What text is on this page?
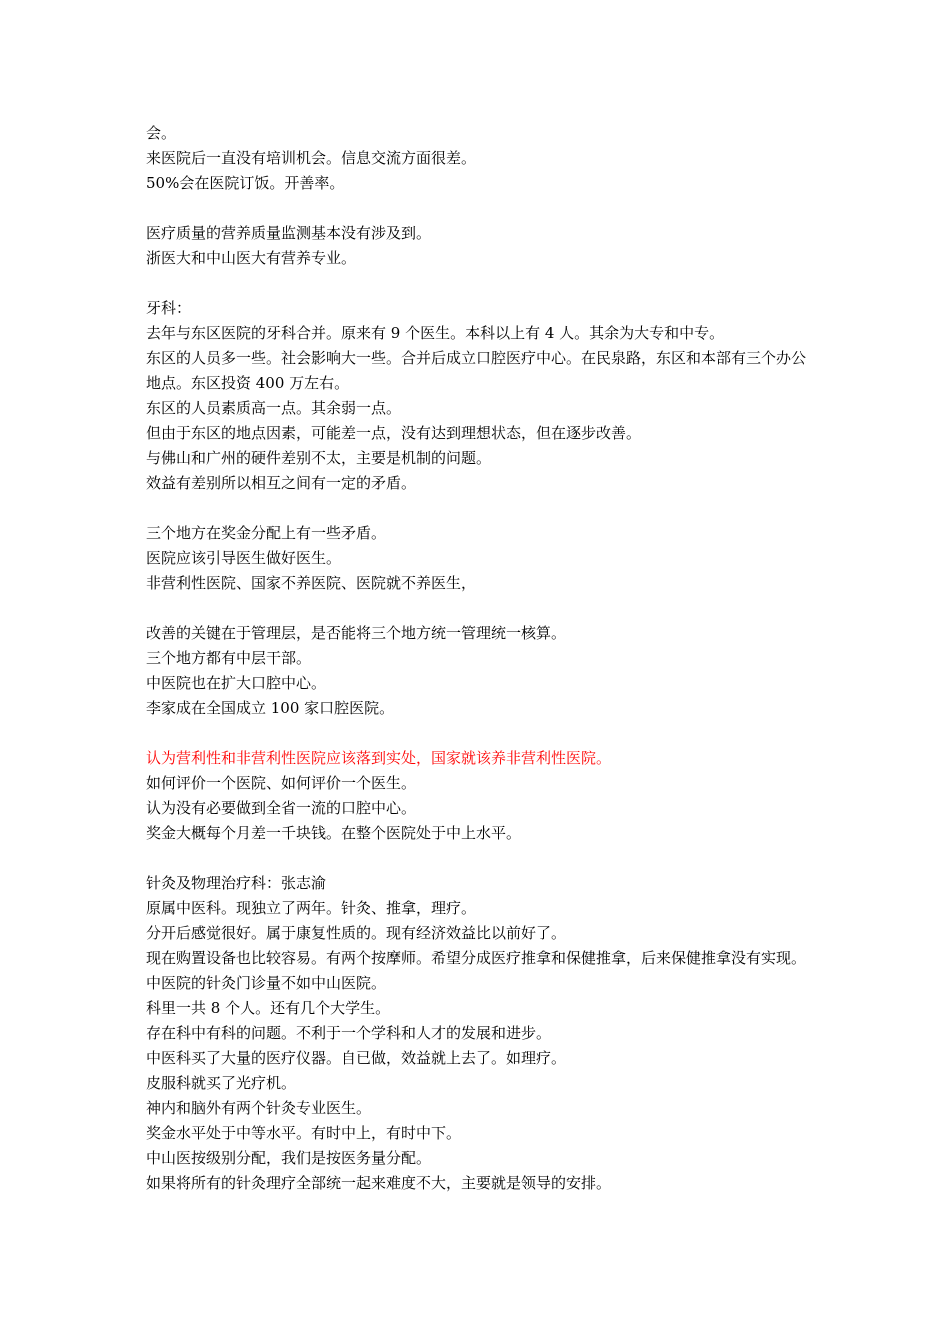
会。
来医院后一直没有培训机会。信息交流方面很差。
50%会在医院订饭。开善率。
医疗质量的营养质量监测基本没有涉及到。
浙医大和中山医大有营养专业。
牙科：
去年与东区医院的牙科合并。原来有 9 个医生。本科以上有 4 人。其余为大专和中专。
东区的人员多一些。社会影响大一些。合并后成立口腔医疗中心。在民泉路，东区和本部有三个办公地点。东区投资 400 万左右。
东区的人员素质高一点。其余弱一点。
但由于东区的地点因素，可能差一点，没有达到理想状态，但在逐步改善。
与佛山和广州的硬件差别不太，主要是机制的问题。
效益有差别所以相互之间有一定的矛盾。
三个地方在奖金分配上有一些矛盾。
医院应该引导医生做好医生。
非营利性医院、国家不养医院、医院就不养医生，
改善的关键在于管理层，是否能将三个地方统一管理统一核算。
三个地方都有中层干部。
中医院也在扩大口腔中心。
李家成在全国成立 100 家口腔医院。
认为营利性和非营利性医院应该落到实处，国家就该养非营利性医院。
如何评价一个医院、如何评价一个医生。
认为没有必要做到全省一流的口腔中心。
奖金大概每个月差一千块钱。在整个医院处于中上水平。
针灸及物理治疗科：张志渝
原属中医科。现独立了两年。针灸、推拿，理疗。
分开后感觉很好。属于康复性质的。现有经济效益比以前好了。
现在购置设备也比较容易。有两个按摩师。希望分成医疗推拿和保健推拿，后来保健推拿没有实现。
中医院的针灸门诊量不如中山医院。
科里一共 8 个人。还有几个大学生。
存在科中有科的问题。不利于一个学科和人才的发展和进步。
中医科买了大量的医疗仪器。自已做，效益就上去了。如理疗。
皮服科就买了光疗机。
神内和脑外有两个针灸专业医生。
奖金水平处于中等水平。有时中上，有时中下。
中山医按级别分配，我们是按医务量分配。
如果将所有的针灸理疗全部统一起来难度不大，主要就是领导的安排。
